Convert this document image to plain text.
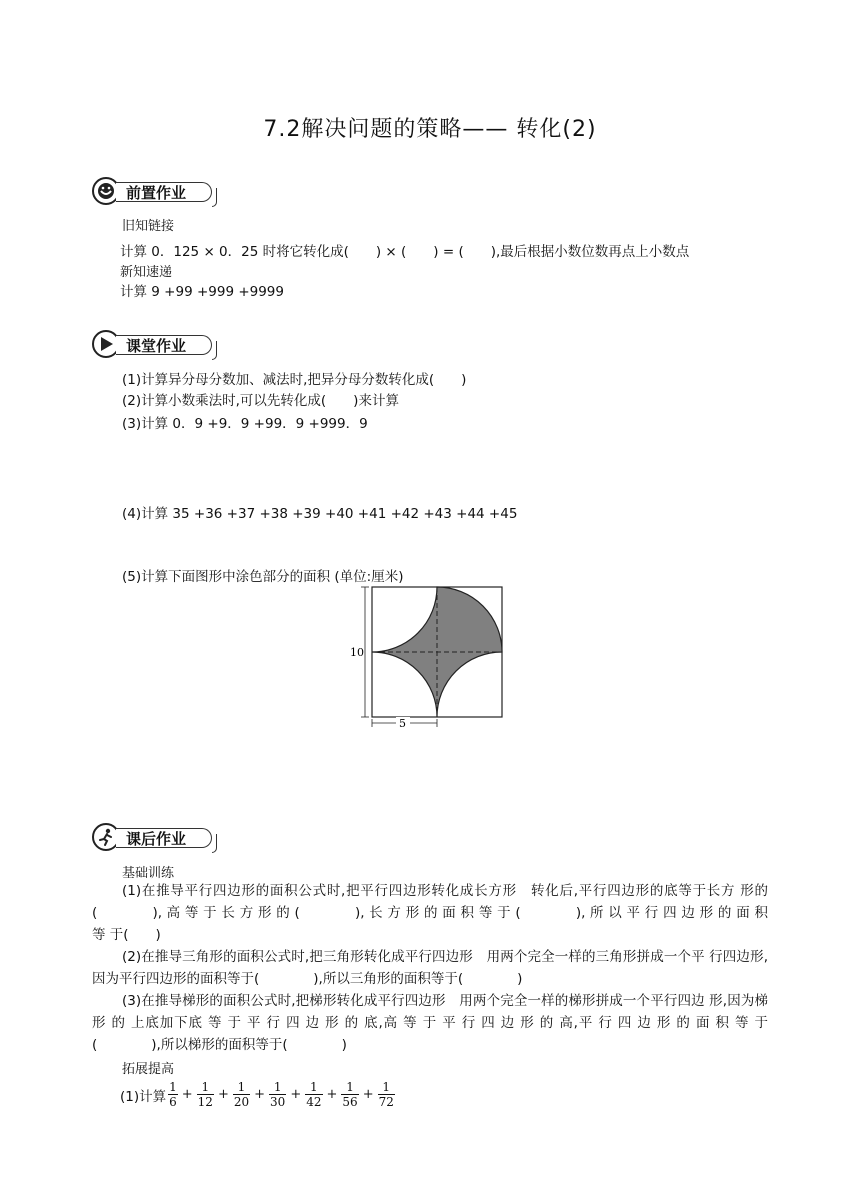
7.2解决问题的策略—— 转化(2)
前置作业
旧知链接
计算 0．125 × 0．25 时将它转化成(　　) × (　　) = (　　),最后根据小数位数再点上小数点
新知速递
计算 9 +99 +999 +9999
课堂作业
(1)计算异分母分数加、减法时,把异分母分数转化成(　　)
(2)计算小数乘法时,可以先转化成(　　)来计算
(3)计算 0．9 +9．9 +99．9 +999．9
(4)计算 35 +36 +37 +38 +39 +40 +41 +42 +43 +44 +45
(5)计算下面图形中涂色部分的面积 (单位:厘米)
10
5
课后作业
基础训练
(1)在推导平行四边形的面积公式时,把平行四边形转化成长方形　转化后,平行四边形的底等于长方 形的(　　　　), 高 等 于 长 方 形 的 (　　　　), 长 方 形 的 面 积 等 于 (　　　　), 所 以 平 行 四 边 形 的 面 积 等 于(　　)
(2)在推导三角形的面积公式时,把三角形转化成平行四边形　用两个完全一样的三角形拼成一个平 行四边形,因为平行四边形的面积等于(　　　　),所以三角形的面积等于(　　　　)
(3)在推导梯形的面积公式时,把梯形转化成平行四边形　用两个完全一样的梯形拼成一个平行四边 形,因为梯形 的 上底加下底 等 于 平 行 四 边 形 的 底,高 等 于 平 行 四 边 形 的 高,平 行 四 边 形 的 面 积 等 于 (　　　　),所以梯形的面积等于(　　　　)
拓展提高
(1)计算 $\frac{1}{6} + \frac{1}{12} + \frac{1}{20} + \frac{1}{30} + \frac{1}{42} + \frac{1}{56} + \frac{1}{72}$
